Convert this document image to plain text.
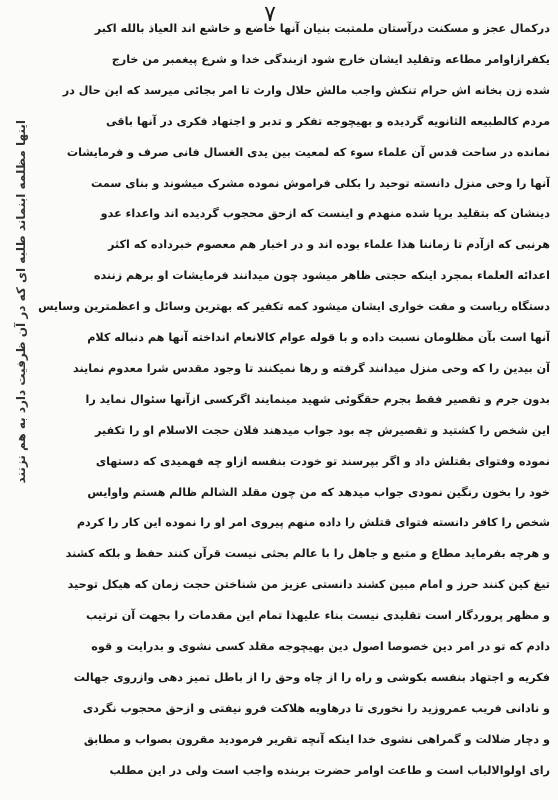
٧
اینها مظلمه ابنماند طلبه ای که در آن ظرفیت دارد به هم نزنند
درکمال عجز و مسکنت درآستان ملمتبت بنیان آنها خاضع و خاشع اند العیاذ بالله اکبر
یکفرازاوامر مطاعه وتقلید ایشان خارج شود ازبندگی خدا و شرع پیغمبر من خارج
شده زن بخانه اش حرام تنکش واجب مالش حلال وارث تا امر بجائی میرسد که این حال در
مردم کالطبیعه الثانویه گردیده و بهیچوجه تفکر و تدبر و اجتهاد فکری در آنها باقی
نمانده در ساحت قدس آن علماء سوء که لمعیت بین یدی الغسال فانی صرف و فرمایشات
آنها را وحی منزل دانسته توحید را بکلی فراموش نموده مشرک میشوند و بنای سمت
دینشان که بتقلید برپا شده منهدم و اینست که ازحق محجوب گردیده اند واعداء عدو
هرنبی که ازآدم تا زماننا هذا علماء بوده اند و در اخبار هم معصوم خبرداده که اکثر
اعدائه العلماء بمجرد اینکه حجتی ظاهر میشود چون میدانند فرمایشات او برهم زننده
دستگاه ریاست و مفت خواری ایشان میشود کمه تکفیر که بهترین وسائل و اعظمترین وسایس
آنها است بآن مظلومان نسبت داده و با قوله عوام کالانعام انداخته آنها هم دنباله کلام
آن بیدین را که وحی منزل میدانند گرفته و رها نمیکنند تا وجود مقدس شرا معدوم نمایند
بدون جرم و تقصیر فقط بجرم حقگوئی شهید مینمایند اگرکسی ازآنها سئوال نماید را
این شخص را کشتید و تقصیرش چه بود جواب میدهند فلان حجت الاسلام او را تکفیر
نموده وفتوای بقتلش داد و اگر بپرسند تو خودت بنفسه ازاو چه فهمیدی که دستهای
خود را بخون رنگین نمودی جواب میدهد که من چون مقلد الشالم ظالم هستم واوایس
شخص را کافر دانسته فتوای قتلش را داده منهم پیروی امر او را نموده این کار را کردم
و هرچه بفرماید مطاع و متبع و جاهل را با عالم بحثی نیست قرآن کنند حفظ و بلکه کشند
تیغ کین کنند حرز و امام مبین کشند دانستی عزیز من شناختن حجت زمان که هیکل توحید
و مظهر پروردگار است تقلیدی نیست بناء علیهذا تمام این مقدمات را بجهت آن ترتیب
دادم که تو در امر دین خصوصا اصول دین بهیچوجه مقلد کسی نشوی و بدرایت و قوه
فکریه و اجتهاد بنفسه بکوشی و راه را از چاه وحق را از باطل تمیز دهی وازروی جهالت
و نادانی فریب عمروزید را نخوری تا درهاویه هلاکت فرو نیفتی و ازحق محجوب نگردی
و دچار ضلالت و گمراهی نشوی خدا اینکه آنچه تقریر فرمودید مقرون بصواب و مطابق
رای اولوالالباب است و طاعت اوامر حضرت بربنده واجب است ولی در این مطلب
